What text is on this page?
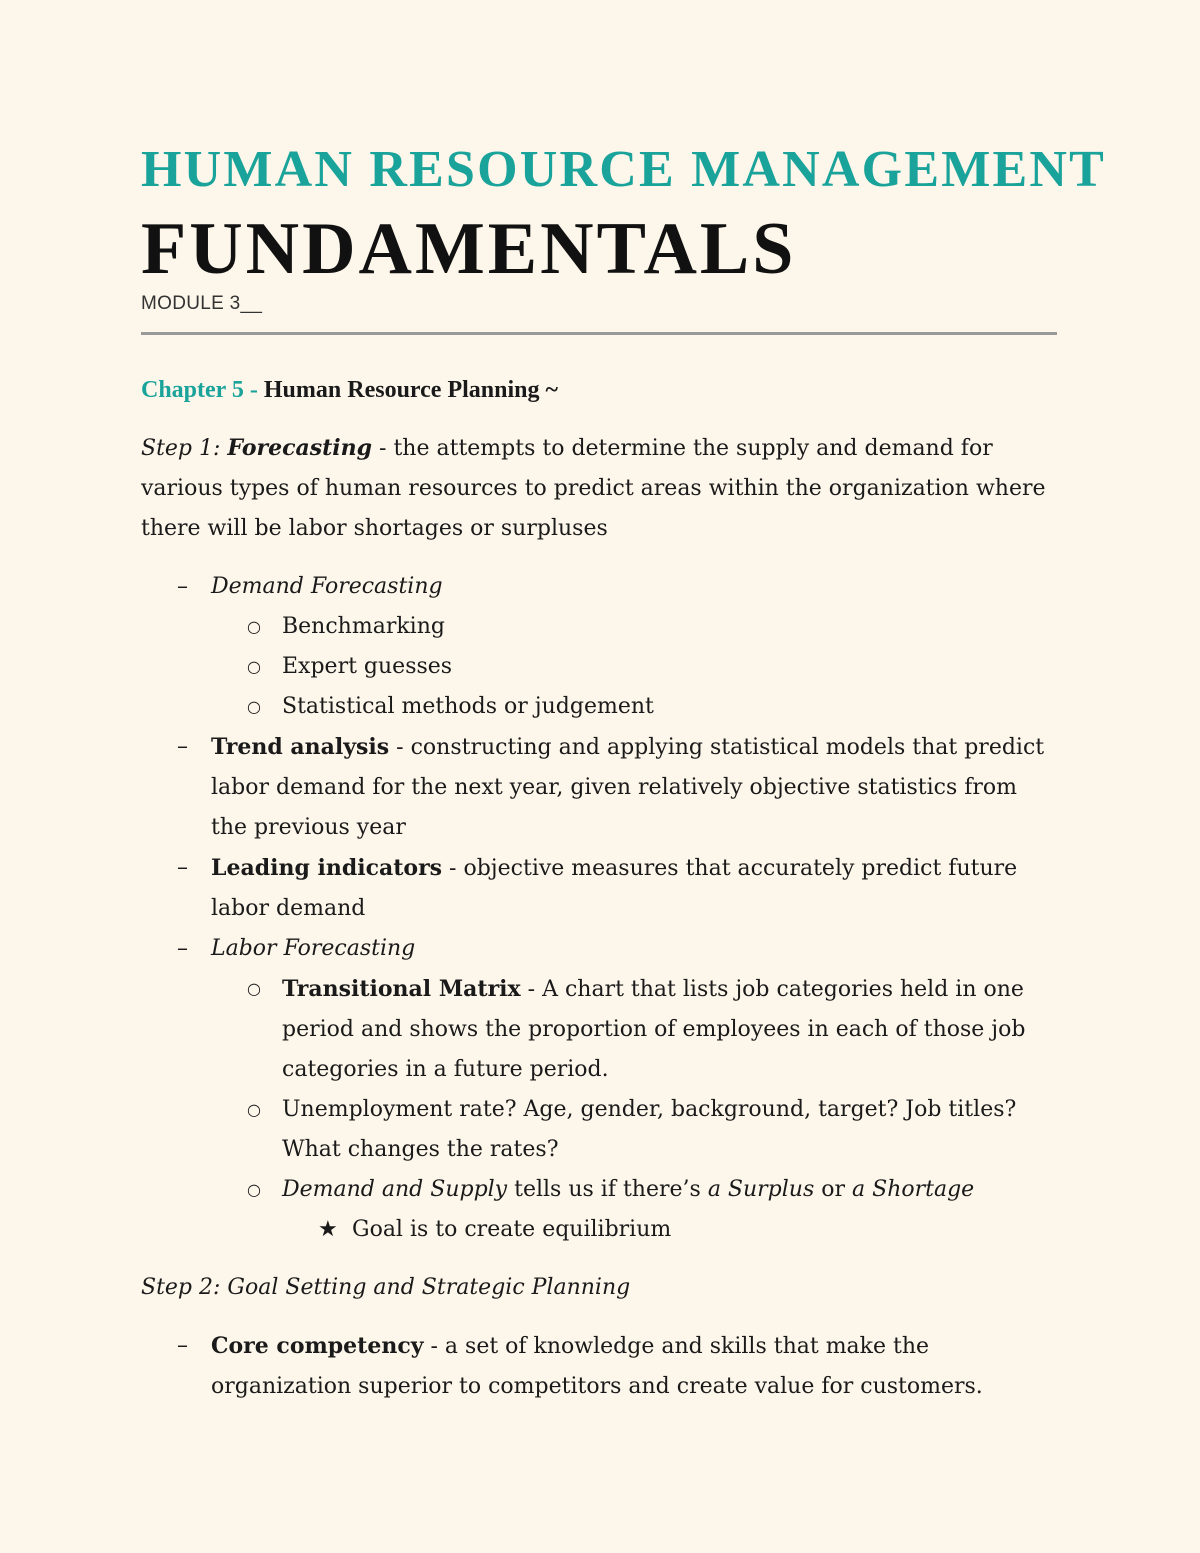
HUMAN RESOURCE MANAGEMENT
FUNDAMENTALS
MODULE 3__

Chapter 5 - Human Resource Planning ~

Step 1: Forecasting - the attempts to determine the supply and demand for various types of human resources to predict areas within the organization where there will be labor shortages or surpluses

– Demand Forecasting
○ Benchmarking
○ Expert guesses
○ Statistical methods or judgement
– Trend analysis - constructing and applying statistical models that predict labor demand for the next year, given relatively objective statistics from the previous year
– Leading indicators - objective measures that accurately predict future labor demand
– Labor Forecasting
○ Transitional Matrix - A chart that lists job categories held in one period and shows the proportion of employees in each of those job categories in a future period.
○ Unemployment rate? Age, gender, background, target? Job titles? What changes the rates?
○ Demand and Supply tells us if there’s a Surplus or a Shortage
★ Goal is to create equilibrium

Step 2: Goal Setting and Strategic Planning

– Core competency - a set of knowledge and skills that make the organization superior to competitors and create value for customers.
